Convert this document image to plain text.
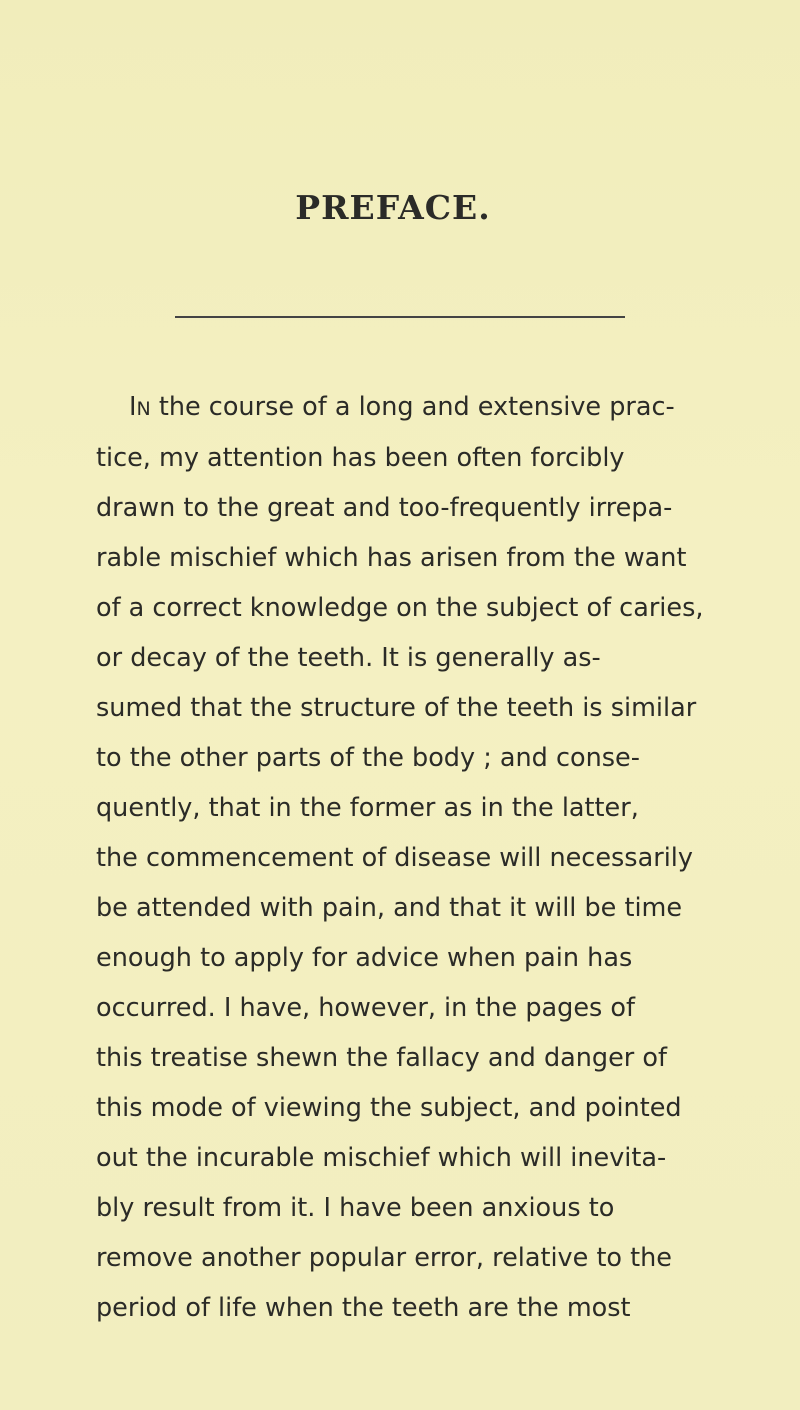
PREFACE.
IN the course of a long and extensive prac-
tice, my attention has been often forcibly
drawn to the great and too-frequently irrepa-
rable mischief which has arisen from the want
of a correct knowledge on the subject of caries,
or decay of the teeth. It is generally as-
sumed that the structure of the teeth is similar
to the other parts of the body ; and conse-
quently, that in the former as in the latter,
the commencement of disease will necessarily
be attended with pain, and that it will be time
enough to apply for advice when pain has
occurred. I have, however, in the pages of
this treatise shewn the fallacy and danger of
this mode of viewing the subject, and pointed
out the incurable mischief which will inevita-
bly result from it. I have been anxious to
remove another popular error, relative to the
period of life when the teeth are the most
